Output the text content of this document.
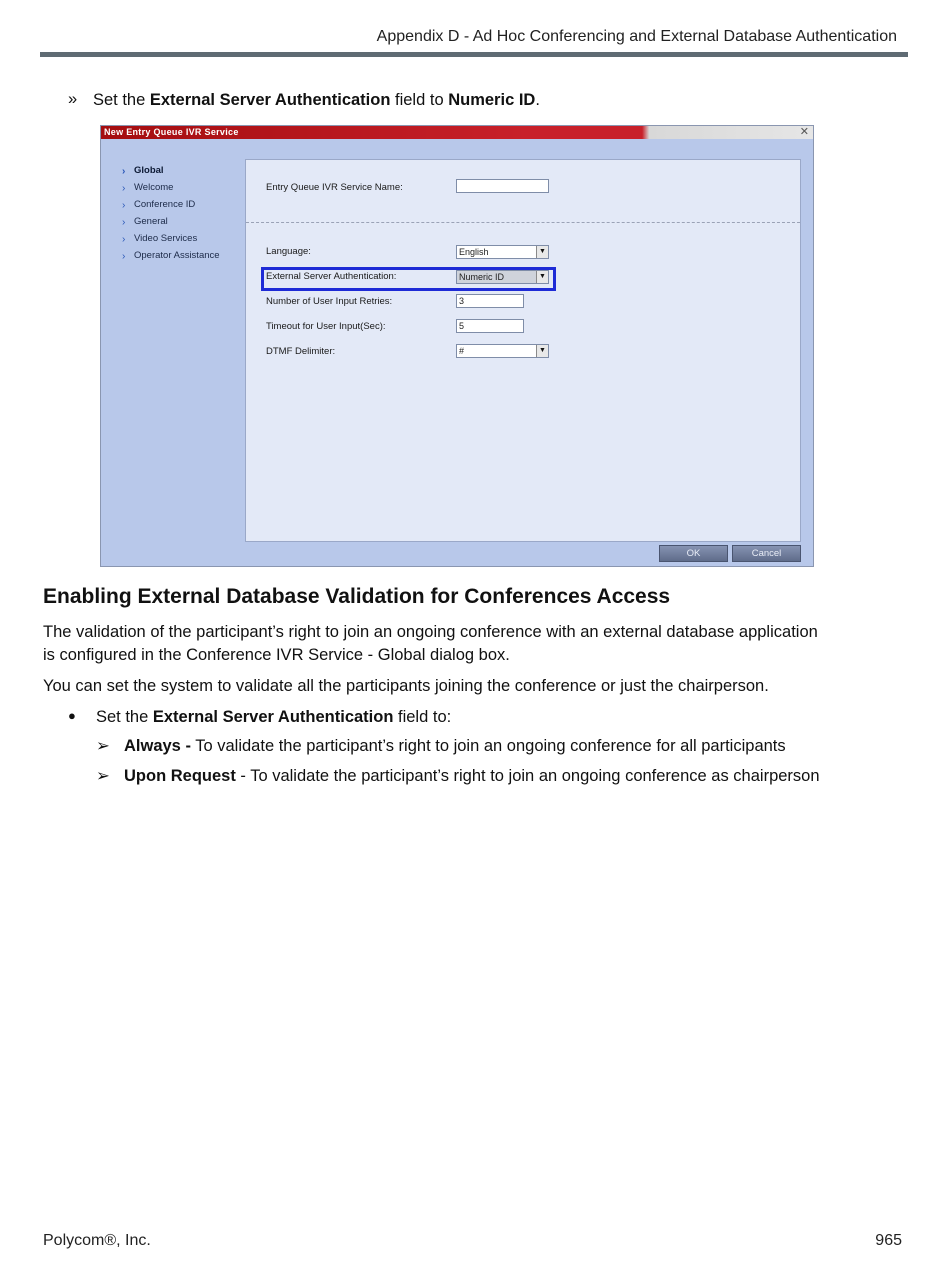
Appendix D - Ad Hoc Conferencing and External Database Authentication
» Set the External Server Authentication field to Numeric ID.
New Entry Queue IVR Service	✕
› Global
› Welcome
› Conference ID
› General
› Video Services
› Operator Assistance
Entry Queue IVR Service Name:
Language:	English	▼
External Server Authentication:	Numeric ID	▼
Number of User Input Retries:	3
Timeout for User Input(Sec):	5
DTMF Delimiter:	#	▼
OK	Cancel
Enabling External Database Validation for Conferences Access
The validation of the participant’s right to join an ongoing conference with an external database application
is configured in the Conference IVR Service - Global dialog box.
You can set the system to validate all the participants joining the conference or just the chairperson.
● Set the External Server Authentication field to:
➢ Always - To validate the participant’s right to join an ongoing conference for all participants
➢ Upon Request - To validate the participant’s right to join an ongoing conference as chairperson
Polycom®, Inc.	965
